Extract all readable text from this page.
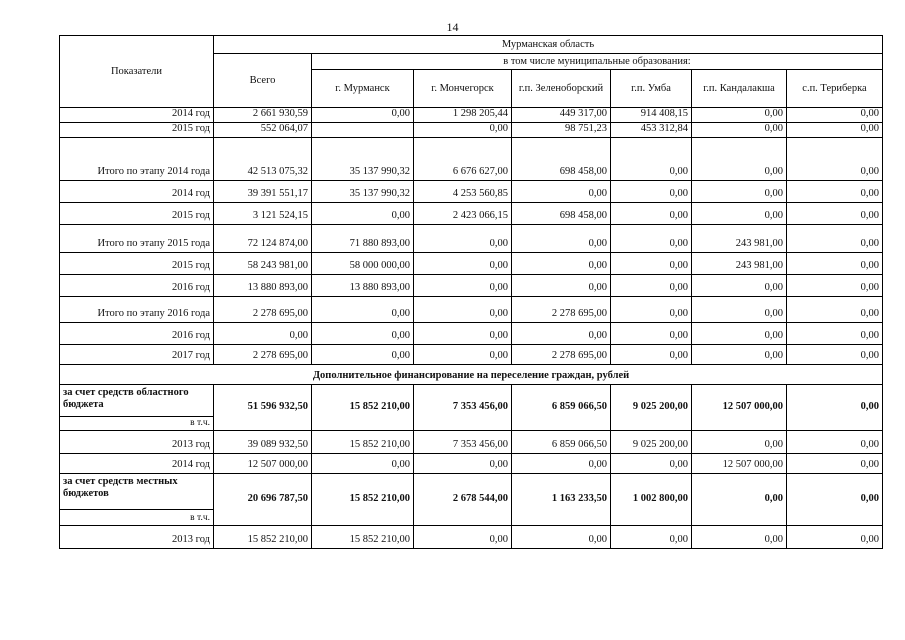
14
Показатели	Мурманская область						
	Всего	в том числе муниципальные образования:					
		г. Мурманск	г. Мончегорск	г.п. Зеленоборский	г.п. Умба	г.п. Кандалакша	с.п. Териберка
2014 год	2 661 930,59	0,00	1 298 205,44	449 317,00	914 408,15	0,00	0,00
2015 год	552 064,07		0,00	98 751,23	453 312,84	0,00	0,00
Итого по этапу 2014 года	42 513 075,32	35 137 990,32	6 676 627,00	698 458,00	0,00	0,00	0,00
2014 год	39 391 551,17	35 137 990,32	4 253 560,85	0,00	0,00	0,00	0,00
2015 год	3 121 524,15	0,00	2 423 066,15	698 458,00	0,00	0,00	0,00
Итого по этапу 2015 года	72 124 874,00	71 880 893,00	0,00	0,00	0,00	243 981,00	0,00
2015 год	58 243 981,00	58 000 000,00	0,00	0,00	0,00	243 981,00	0,00
2016 год	13 880 893,00	13 880 893,00	0,00	0,00	0,00	0,00	0,00
Итого по этапу 2016 года	2 278 695,00	0,00	0,00	2 278 695,00	0,00	0,00	0,00
2016 год	0,00	0,00	0,00	0,00	0,00	0,00	0,00
2017 год	2 278 695,00	0,00	0,00	2 278 695,00	0,00	0,00	0,00
Дополнительное финансирование на переселение граждан, рублей							
за счет средств областного бюджета	51 596 932,50	15 852 210,00	7 353 456,00	6 859 066,50	9 025 200,00	12 507 000,00	0,00
в т.ч.							
2013 год	39 089 932,50	15 852 210,00	7 353 456,00	6 859 066,50	9 025 200,00	0,00	0,00
2014 год	12 507 000,00	0,00	0,00	0,00	0,00	12 507 000,00	0,00
за счет средств местных бюджетов	20 696 787,50	15 852 210,00	2 678 544,00	1 163 233,50	1 002 800,00	0,00	0,00
в т.ч.							
2013 год	15 852 210,00	15 852 210,00	0,00	0,00	0,00	0,00	0,00
